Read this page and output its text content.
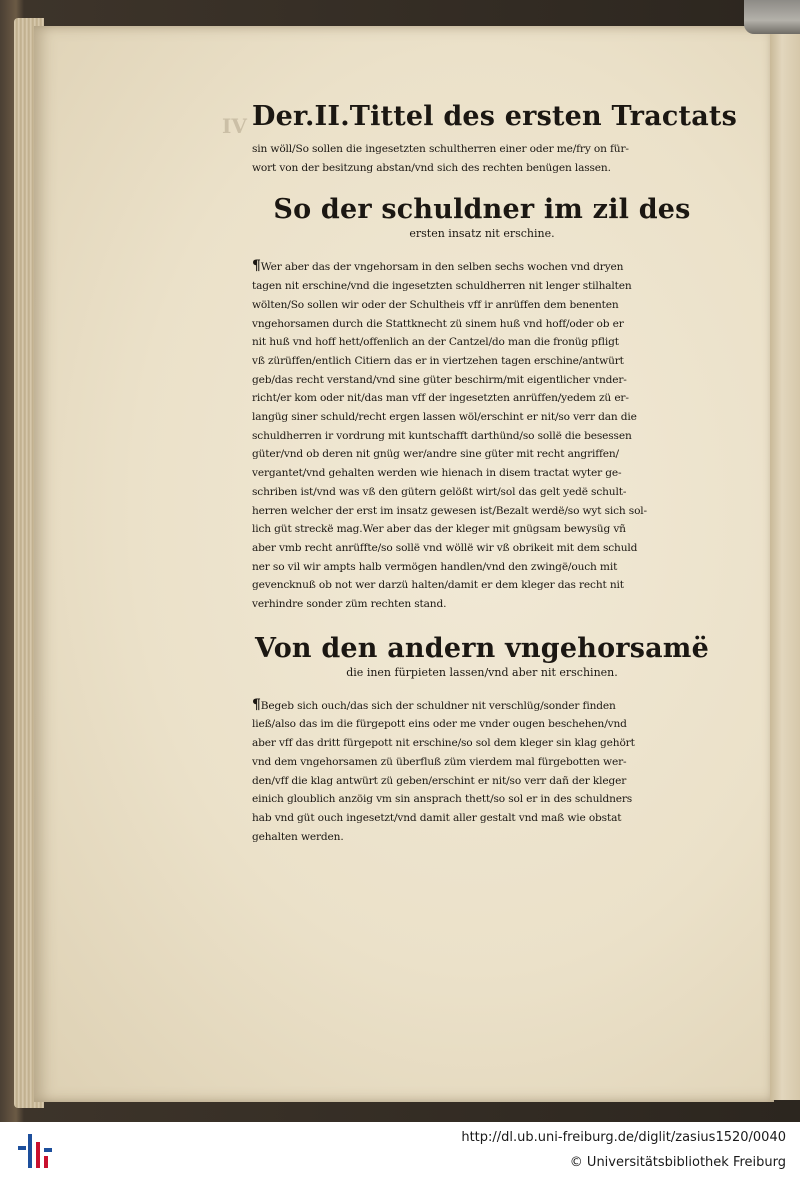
IV Der.II.Tittel des ersten Tractats
sin wöll/So sollen die ingesetzten schultherren einer oder me/fry on für-
wort von der besitzung abstan/vnd sich des rechten benügen lassen.
So der schuldner im zil des
ersten insatz nit erschine.
¶Wer aber das der vngehorsam in den selben sechs wochen vnd dryen
tagen nit erschine/vnd die ingesetzten schuldherren nit lenger stilhalten
wölten/So sollen wir oder der Schultheis vff ir anrüffen dem benenten
vngehorsamen durch die Stattknecht zü sinem huß vnd hoff/oder ob er
nit huß vnd hoff hett/offenlich an der Cantzel/do man die fronüg pfligt
vß zürüffen/entlich Citiern das er in viertzehen tagen erschine/antwürt
geb/das recht verstand/vnd sine güter beschirm/mit eigentlicher vnder-
richt/er kom oder nit/das man vff der ingesetzten anrüffen/yedem zü er-
langüg siner schuld/recht ergen lassen wöl/erschint er nit/so verr dan die
schuldherren ir vordrung mit kuntschafft darthünd/so sollë die besessen
güter/vnd ob deren nit gnüg wer/andre sine güter mit recht angriffen/
vergantet/vnd gehalten werden wie hienach in disem tractat wyter ge-
schriben ist/vnd was vß den gütern gelößt wirt/sol das gelt yedë schult-
herren welcher der erst im insatz gewesen ist/Bezalt werdë/so wyt sich sol-
lich güt streckë mag.Wer aber das der kleger mit gnügsam bewysüg vñ
aber vmb recht anrüffte/so sollë vnd wöllë wir vß obrikeit mit dem schuld
ner so vil wir ampts halb vermögen handlen/vnd den zwingë/ouch mit
gevencknuß ob not wer darzü halten/damit er dem kleger das recht nit
verhindre sonder züm rechten stand.
Von den andern vngehorsamë
die inen fürpieten lassen/vnd aber nit erschinen.
¶Begeb sich ouch/das sich der schuldner nit verschlüg/sonder finden
ließ/also das im die fürgepott eins oder me vnder ougen beschehen/vnd
aber vff das dritt fürgepott nit erschine/so sol dem kleger sin klag gehört
vnd dem vngehorsamen zü überfluß züm vierdem mal fürgebotten wer-
den/vff die klag antwürt zü geben/erschint er nit/so verr dañ der kleger
einich gloublich anzöig vm sin ansprach thett/so sol er in des schuldners
hab vnd güt ouch ingesetzt/vnd damit aller gestalt vnd maß wie obstat
gehalten werden.
http://dl.ub.uni-freiburg.de/diglit/zasius1520/0040
© Universitätsbibliothek Freiburg
